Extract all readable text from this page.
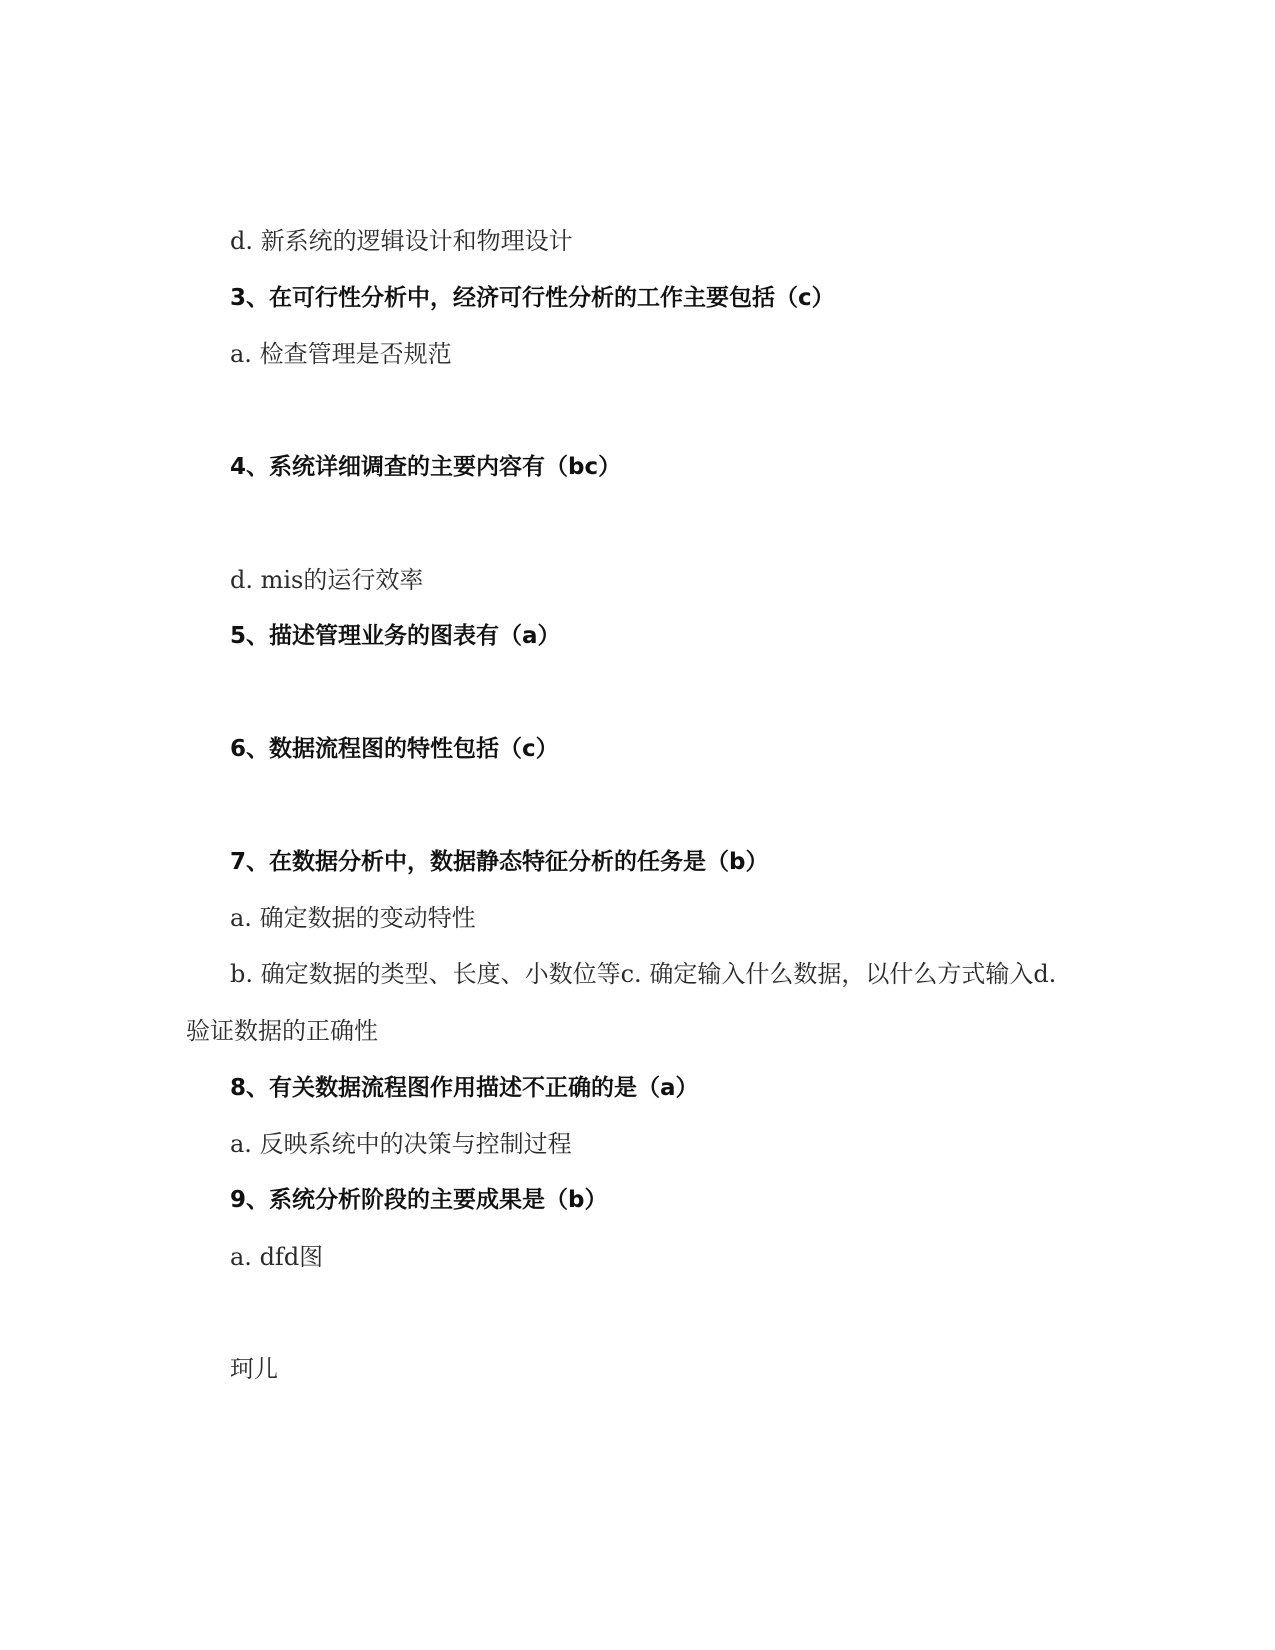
d. 新系统的逻辑设计和物理设计
3、在可行性分析中，经济可行性分析的工作主要包括（c）
a. 检查管理是否规范
4、系统详细调查的主要内容有（bc）
d. mis的运行效率
5、描述管理业务的图表有（a）
6、数据流程图的特性包括（c）
7、在数据分析中，数据静态特征分析的任务是（b）
a. 确定数据的变动特性
b. 确定数据的类型、长度、小数位等c. 确定输入什么数据，以什么方式输入d.
验证数据的正确性
8、有关数据流程图作用描述不正确的是（a）
a. 反映系统中的决策与控制过程
9、系统分析阶段的主要成果是（b）
a. dfd图
珂儿
